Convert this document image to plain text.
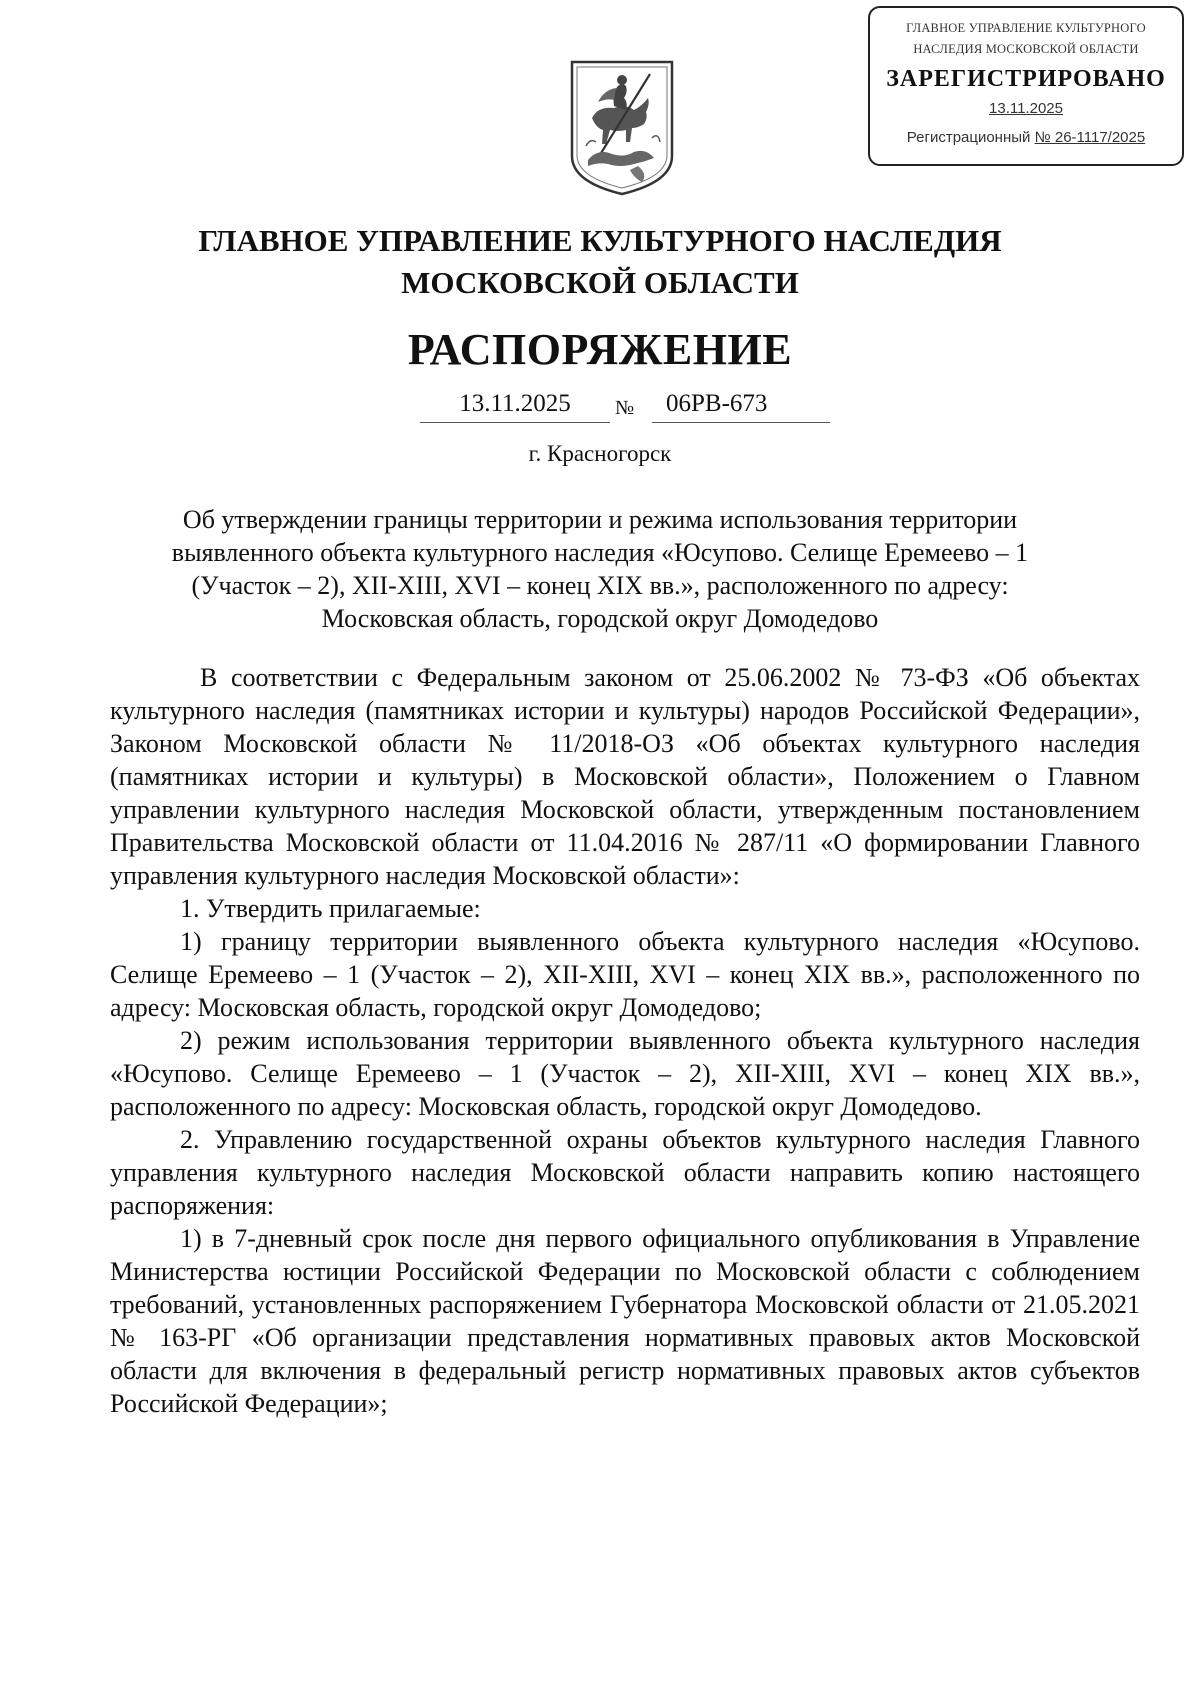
ГЛАВНОЕ УПРАВЛЕНИЕ КУЛЬТУРНОГО
НАСЛЕДИЯ МОСКОВСКОЙ ОБЛАСТИ
ЗАРЕГИСТРИРОВАНО
13.11.2025
Регистрационный № 26-1117/2025
ГЛАВНОЕ УПРАВЛЕНИЕ КУЛЬТУРНОГО НАСЛЕДИЯ
МОСКОВСКОЙ ОБЛАСТИ
РАСПОРЯЖЕНИЕ
13.11.2025	№	06РВ-673
г. Красногорск
Об утверждении границы территории и режима использования территории
выявленного объекта культурного наследия «Юсупово. Селище Еремеево – 1
(Участок – 2), XII-XIII, XVI – конец XIX вв.», расположенного по адресу:
Московская область, городской округ Домодедово

В соответствии с Федеральным законом от 25.06.2002 № 73-ФЗ «Об объектах культурного наследия (памятниках истории и культуры) народов Российской Федерации», Законом Московской области № 11/2018-ОЗ «Об объектах культурного наследия (памятниках истории и культуры) в Московской области», Положением о Главном управлении культурного наследия Московской области, утвержденным постановлением Правительства Московской области от 11.04.2016 № 287/11 «О формировании Главного управления культурного наследия Московской области»:

1. Утвердить прилагаемые:

1) границу территории выявленного объекта культурного наследия «Юсупово. Селище Еремеево – 1 (Участок – 2), XII-XIII, XVI – конец XIX вв.», расположенного по адресу: Московская область, городской округ Домодедово;

2) режим использования территории выявленного объекта культурного наследия «Юсупово. Селище Еремеево – 1 (Участок – 2), XII-XIII, XVI – конец XIX вв.», расположенного по адресу: Московская область, городской округ Домодедово.

2. Управлению государственной охраны объектов культурного наследия Главного управления культурного наследия Московской области направить копию настоящего распоряжения:

1) в 7-дневный срок после дня первого официального опубликования в Управление Министерства юстиции Российской Федерации по Московской области с соблюдением требований, установленных распоряжением Губернатора Московской области от 21.05.2021 № 163-РГ «Об организации представления нормативных правовых актов Московской области для включения в федеральный регистр нормативных правовых актов субъектов Российской Федерации»;
